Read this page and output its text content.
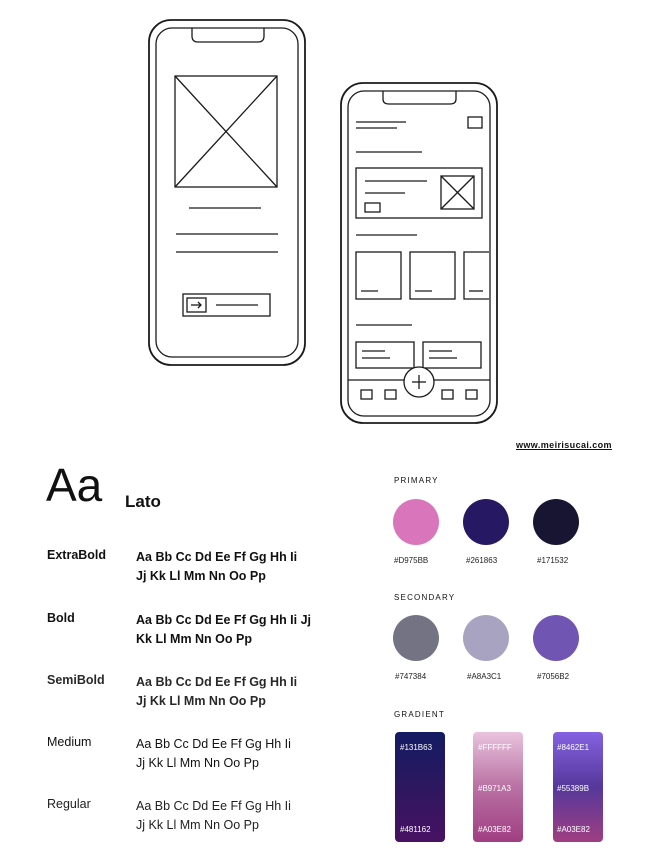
www.meirisucai.com
Aa Lato
ExtraBold Aa Bb Cc Dd Ee Ff Gg Hh Ii
Jj Kk Ll Mm Nn Oo Pp
Bold	Aa Bb Cc Dd Ee Ff Gg Hh Ii Jj
Kk Ll Mm Nn Oo Pp
SemiBold	Aa Bb Cc Dd Ee Ff Gg Hh Ii
Jj Kk Ll Mm Nn Oo Pp
Medium	Aa Bb Cc Dd Ee Ff Gg Hh Ii
Jj Kk Ll Mm Nn Oo Pp
Regular	Aa Bb Cc Dd Ee Ff Gg Hh Ii
Jj Kk Ll Mm Nn Oo Pp
PRIMARY
#D975BB	#261863	#171532
SECONDARY
#747384	#A8A3C1	#7056B2
GRADIENT
#131B63
#481162
#FFFFFF
#B971A3
#A03E82
#8462E1
#55389B
#A03E82
